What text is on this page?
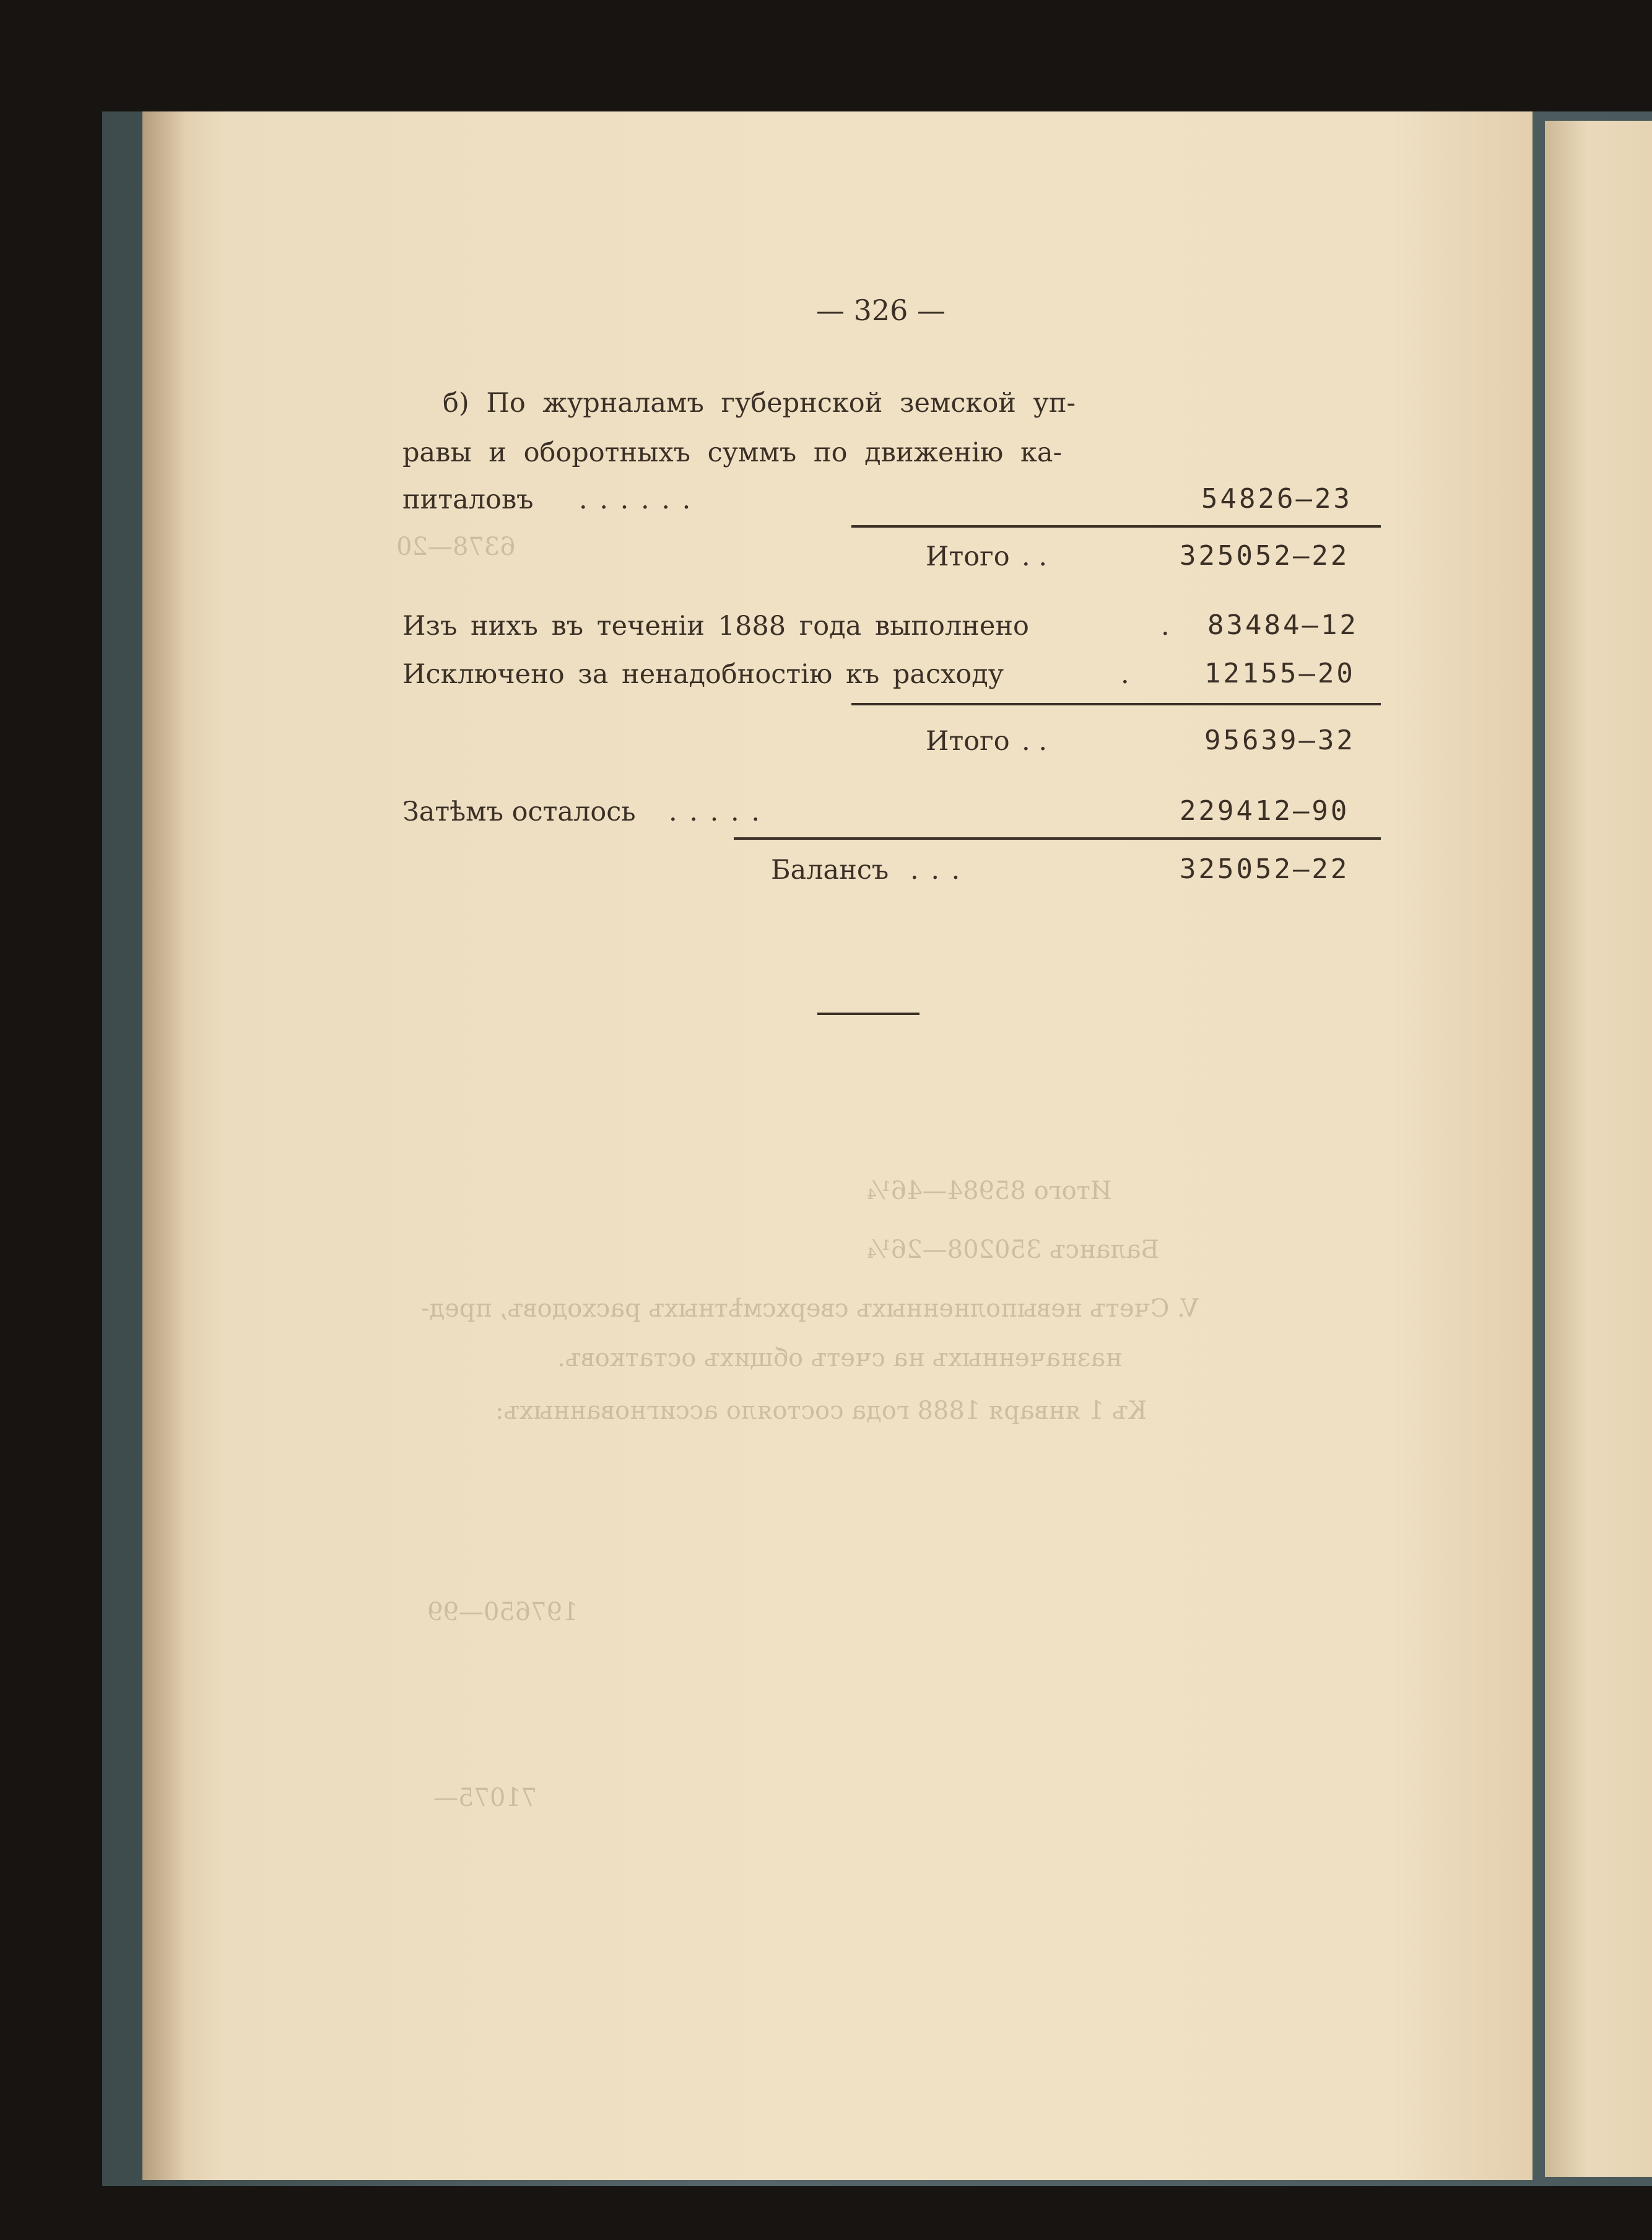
V. Счетъ невыполненныхъ сверхсмѣтныхъ расходовъ, пред-
назначенныхъ на счетъ общихъ остатковъ.
Къ 1 января 1888 года состояло ассигнованныхъ:
Балансъ 350208—26¼
Итого 85984—46¼
197650—99
71075—
6378—20
— 326 —
б) По журналамъ губернской земской уп-
равы и оборотныхъ суммъ по движенію ка-
питаловъ . . . . . .	54826—23
Итого . .	325052—22
Изъ нихъ въ теченіи 1888 года выполнено	. 83484—12
Исключено за ненадобностію къ расходу	.	12155—20
Итого . .	95639—32
Затѣмъ осталось . . . . .	229412—90
Балансъ . . .	325052—22
